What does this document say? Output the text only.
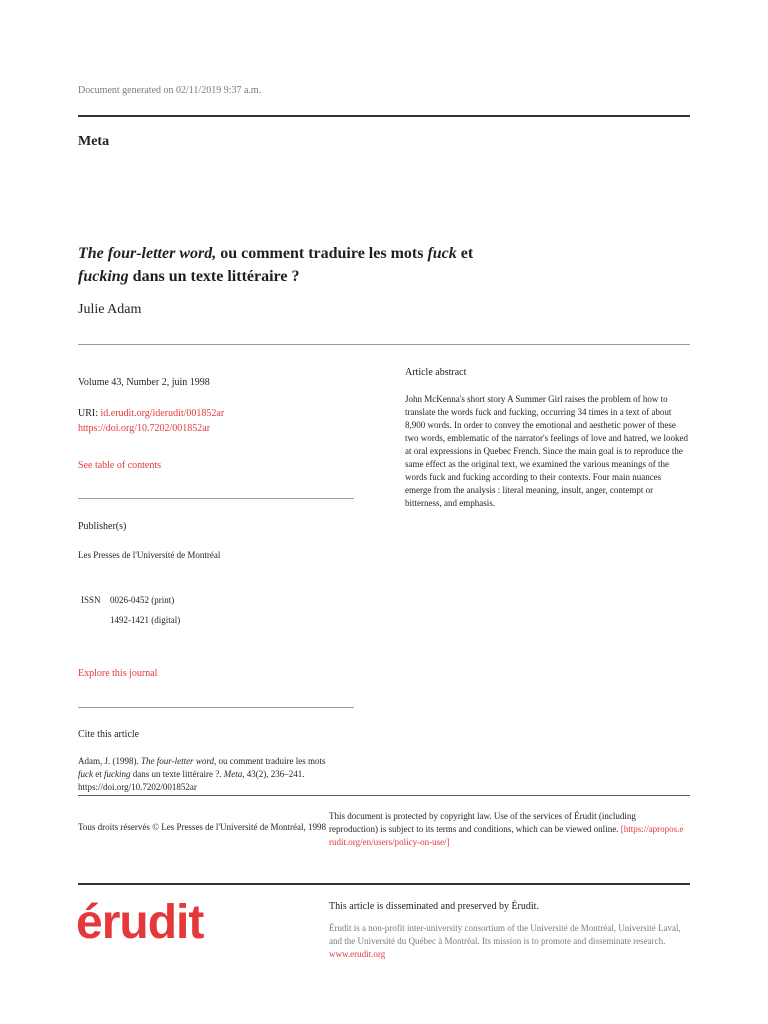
Document generated on 02/11/2019 9:37 a.m.
Meta
The four-letter word, ou comment traduire les mots fuck et
fucking dans un texte littéraire ?
Julie Adam
Volume 43, Number 2, juin 1998
URI: id.erudit.org/iderudit/001852ar
https://doi.org/10.7202/001852ar
See table of contents
Publisher(s)
Les Presses de l'Université de Montréal
ISSN 0026-0452 (print)
1492-1421 (digital)
Explore this journal
Cite this article
Adam, J. (1998). The four-letter word, ou comment traduire les mots
fuck et fucking dans un texte littéraire ?. Meta, 43(2), 236–241.
https://doi.org/10.7202/001852ar
Article abstract
John McKenna's short story A Summer Girl raises the problem of how to translate the words fuck and fucking, occurring 34 times in a text of about 8,900 words. In order to convey the emotional and aesthetic power of these two words, emblematic of the narrator's feelings of love and hatred, we looked at oral expressions in Quebec French. Since the main goal is to reproduce the same effect as the original text, we examined the various meanings of the words fuck and fucking according to their contexts. Four main nuances emerge from the analysis : literal meaning, insult, anger, contempt or bitterness, and emphasis.
Tous droits réservés © Les Presses de l'Université de Montréal, 1998
This document is protected by copyright law. Use of the services of Érudit (including reproduction) is subject to its terms and conditions, which can be viewed online. [https://apropos.erudit.org/en/users/policy-on-use/]
érudit	This article is disseminated and preserved by Érudit.
Érudit is a non-profit inter-university consortium of the Université de Montréal, Université Laval, and the Université du Québec à Montréal. Its mission is to promote and disseminate research. www.erudit.org
